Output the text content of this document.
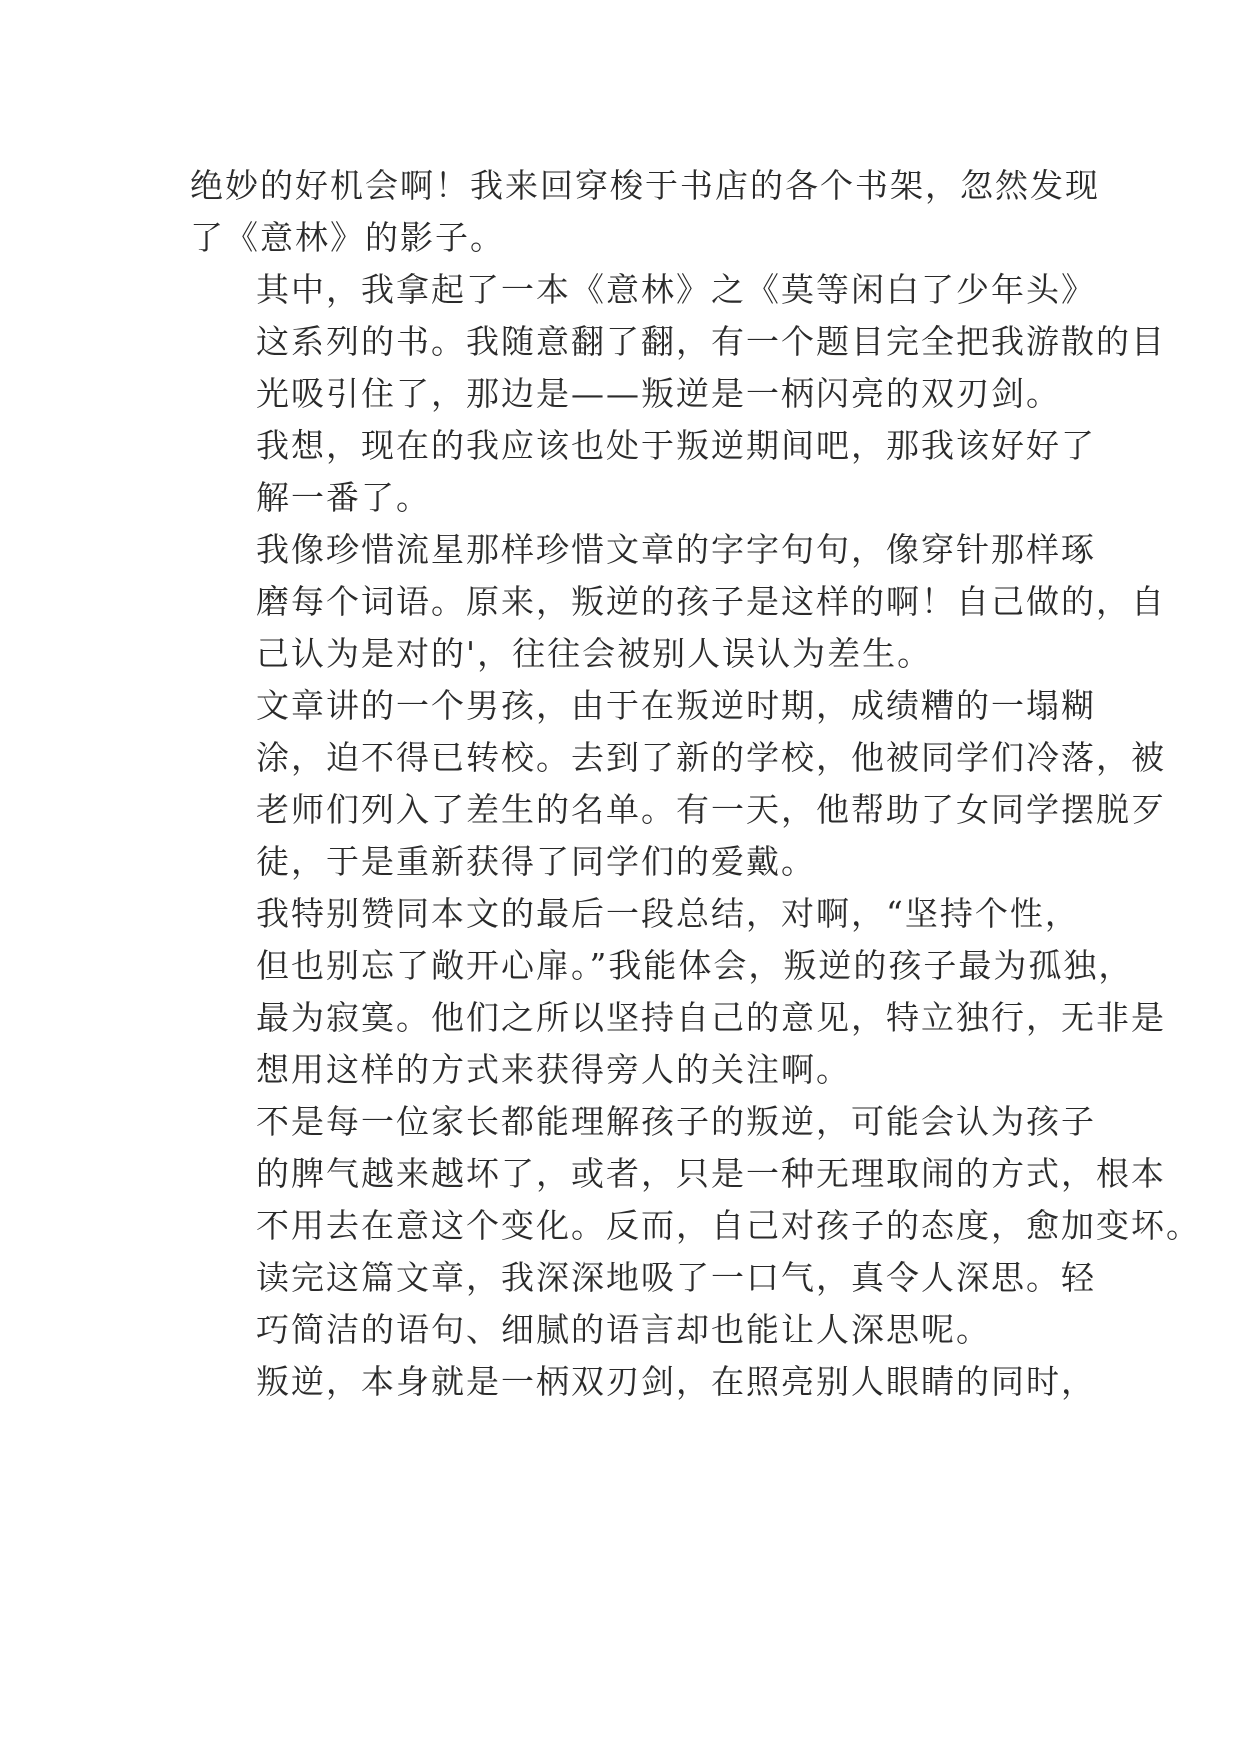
绝妙的好机会啊！我来回穿梭于书店的各个书架，忽然发现
了《意林》的影子。

其中，我拿起了一本《意林》之《莫等闲白了少年头》
这系列的书。我随意翻了翻，有一个题目完全把我游散的目
光吸引住了，那边是——叛逆是一柄闪亮的双刃剑。

我想，现在的我应该也处于叛逆期间吧，那我该好好了
解一番了。

我像珍惜流星那样珍惜文章的字字句句，像穿针那样琢
磨每个词语。原来，叛逆的孩子是这样的啊！自己做的，自
己认为是对的'，往往会被别人误认为差生。

文章讲的一个男孩，由于在叛逆时期，成绩糟的一塌糊
涂，迫不得已转校。去到了新的学校，他被同学们冷落，被
老师们列入了差生的名单。有一天，他帮助了女同学摆脱歹
徒，于是重新获得了同学们的爱戴。

我特别赞同本文的最后一段总结，对啊，“坚持个性，
但也别忘了敞开心扉。”我能体会，叛逆的孩子最为孤独，
最为寂寞。他们之所以坚持自己的意见，特立独行，无非是
想用这样的方式来获得旁人的关注啊。

不是每一位家长都能理解孩子的叛逆，可能会认为孩子
的脾气越来越坏了，或者，只是一种无理取闹的方式，根本
不用去在意这个变化。反而，自己对孩子的态度，愈加变坏。

读完这篇文章，我深深地吸了一口气，真令人深思。轻
巧简洁的语句、细腻的语言却也能让人深思呢。

叛逆，本身就是一柄双刃剑，在照亮别人眼睛的同时，
